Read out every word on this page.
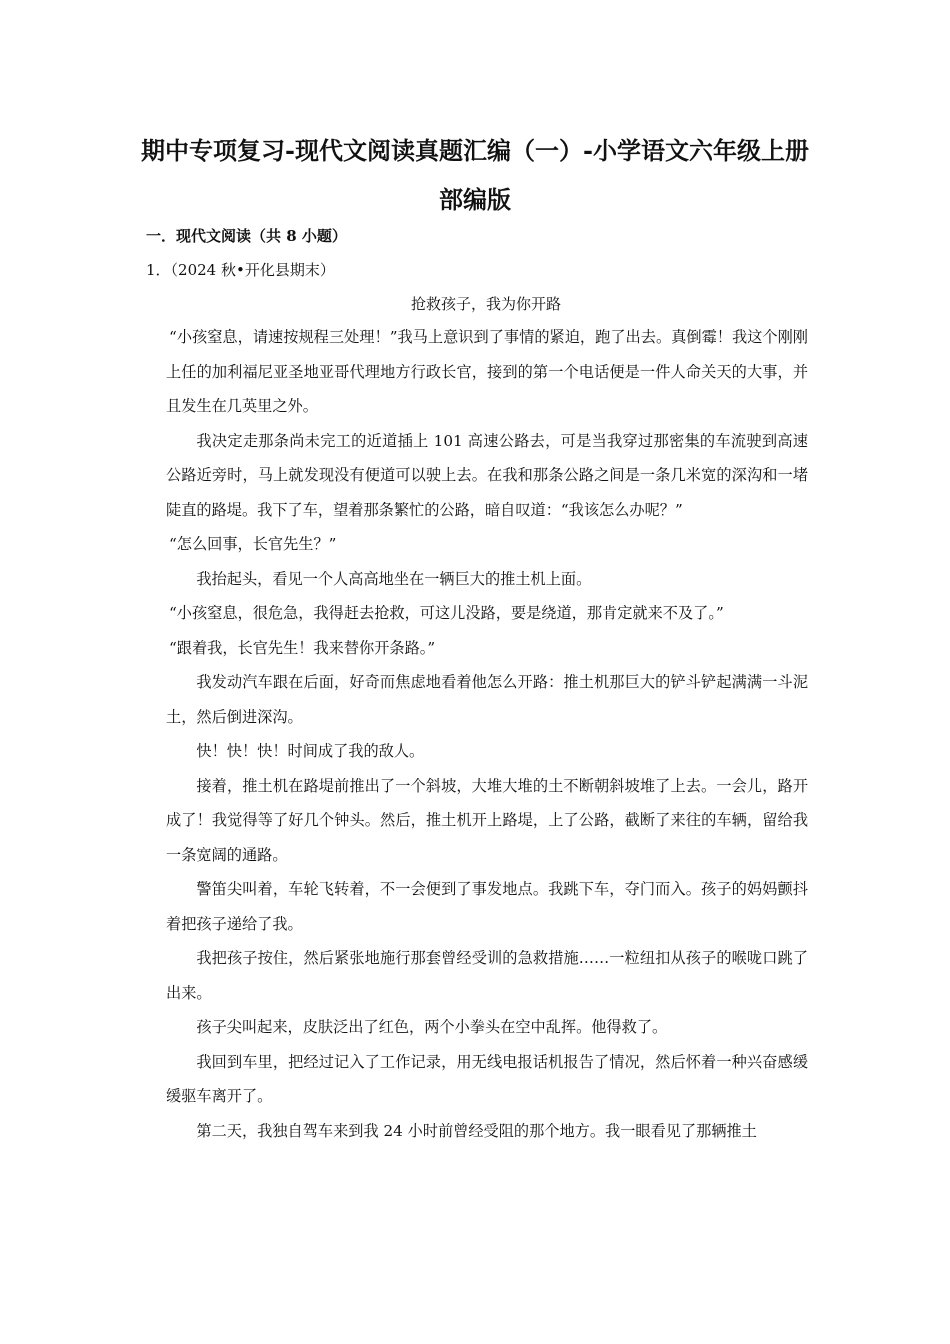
期中专项复习-现代文阅读真题汇编（一）-小学语文六年级上册
部编版
一．现代文阅读（共 8 小题）
1．（2024 秋•开化县期末）
抢救孩子，我为你开路

“小孩窒息，请速按规程三处理！”我马上意识到了事情的紧迫，跑了出去。真倒霉！我这个刚刚上任的加利福尼亚圣地亚哥代理地方行政长官，接到的第一个电话便是一件人命关天的大事，并且发生在几英里之外。

我决定走那条尚未完工的近道插上 101 高速公路去，可是当我穿过那密集的车流驶到高速公路近旁时，马上就发现没有便道可以驶上去。在我和那条公路之间是一条几米宽的深沟和一堵陡直的路堤。我下了车，望着那条繁忙的公路，暗自叹道：“我该怎么办呢？”

“怎么回事，长官先生？”

我抬起头，看见一个人高高地坐在一辆巨大的推土机上面。

“小孩窒息，很危急，我得赶去抢救，可这儿没路，要是绕道，那肯定就来不及了。”

“跟着我，长官先生！我来替你开条路。”

我发动汽车跟在后面，好奇而焦虑地看着他怎么开路：推土机那巨大的铲斗铲起满满一斗泥土，然后倒进深沟。

快！快！快！时间成了我的敌人。

接着，推土机在路堤前推出了一个斜坡，大堆大堆的土不断朝斜坡堆了上去。一会儿，路开成了！我觉得等了好几个钟头。然后，推土机开上路堤，上了公路，截断了来往的车辆，留给我一条宽阔的通路。

警笛尖叫着，车轮飞转着，不一会便到了事发地点。我跳下车，夺门而入。孩子的妈妈颤抖着把孩子递给了我。

我把孩子按住，然后紧张地施行那套曾经受训的急救措施……一粒纽扣从孩子的喉咙口跳了出来。

孩子尖叫起来，皮肤泛出了红色，两个小拳头在空中乱挥。他得救了。

我回到车里，把经过记入了工作记录，用无线电报话机报告了情况，然后怀着一种兴奋感缓缓驱车离开了。

第二天，我独自驾车来到我 24 小时前曾经受阻的那个地方。我一眼看见了那辆推土
